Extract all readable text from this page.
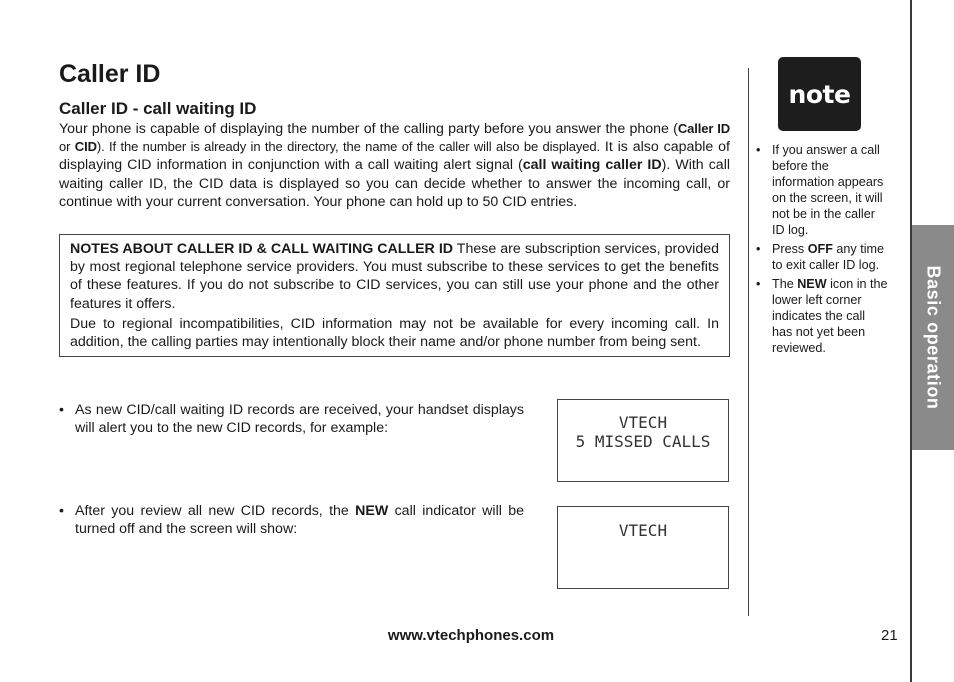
Caller ID
Caller ID - call waiting ID

Your phone is capable of displaying the number of the calling party before you answer the phone (Caller ID or CID). If the number is already in the directory, the name of the caller will also be displayed. It is also capable of displaying CID information in conjunction with a call waiting alert signal (call waiting caller ID). With call waiting caller ID, the CID data is displayed so you can decide whether to answer the incoming call, or continue with your current conversation. Your phone can hold up to 50 CID entries.

NOTES ABOUT CALLER ID & CALL WAITING CALLER ID These are subscription services, provided by most regional telephone service providers. You must subscribe to these services to get the benefits of these features. If you do not subscribe to CID services, you can still use your phone and the other features it offers.

Due to regional incompatibilities, CID information may not be available for every incoming call. In addition, the calling parties may intentionally block their name and/or phone number from being sent.

• As new CID/call waiting ID records are received, your handset displays will alert you to the new CID records, for example:	VTECH
5 MISSED CALLS
• After you review all new CID records, the NEW call indicator will be turned off and the screen will show:	VTECH
note
• If you answer a call before the information appears on the screen, it will not be in the caller ID log.
• Press OFF any time to exit caller ID log.
• The NEW icon in the lower left corner indicates the call has not yet been reviewed.	Basic operation
www.vtechphones.com	21
